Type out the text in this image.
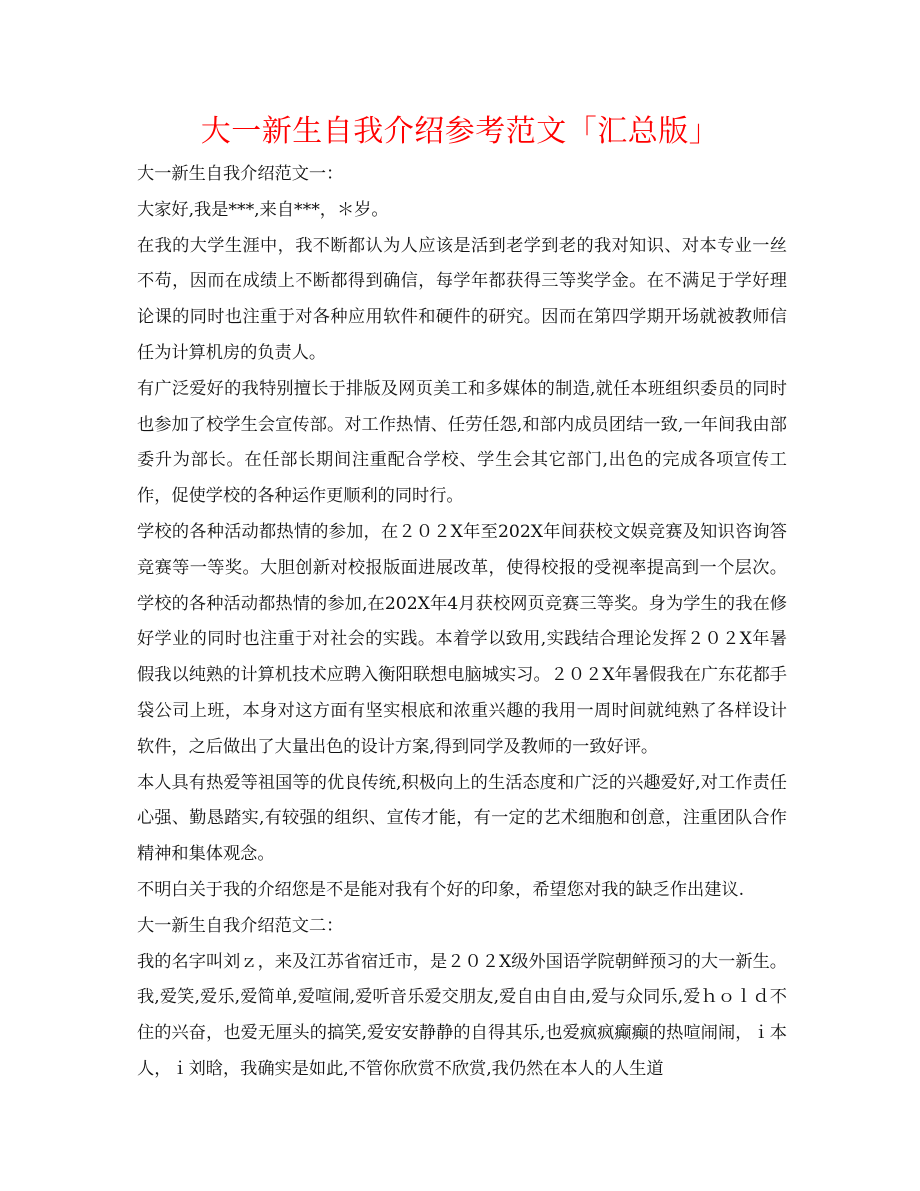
大一新生自我介绍参考范文「汇总版」

大一新生自我介绍范文一：

大家好,我是***,来自***，＊岁。

在我的大学生涯中，我不断都认为人应该是活到老学到老的我对知识、对本专业一丝不苟，因而在成绩上不断都得到确信，每学年都获得三等奖学金。在不满足于学好理论课的同时也注重于对各种应用软件和硬件的研究。因而在第四学期开场就被教师信任为计算机房的负责人。

有广泛爱好的我特别擅长于排版及网页美工和多媒体的制造,就任本班组织委员的同时也参加了校学生会宣传部。对工作热情、任劳任怨,和部内成员团结一致,一年间我由部委升为部长。在任部长期间注重配合学校、学生会其它部门,出色的完成各项宣传工作，促使学校的各种运作更顺利的同时行。

学校的各种活动都热情的参加，在２０２X年至202X年间获校文娱竞赛及知识咨询答竞赛等一等奖。大胆创新对校报版面进展改革，使得校报的受视率提高到一个层次。学校的各种活动都热情的参加,在202X年4月获校网页竞赛三等奖。身为学生的我在修好学业的同时也注重于对社会的实践。本着学以致用,实践结合理论发挥２０２X年暑假我以纯熟的计算机技术应聘入衡阳联想电脑城实习。２０２X年暑假我在广东花都手袋公司上班，本身对这方面有坚实根底和浓重兴趣的我用一周时间就纯熟了各样设计软件，之后做出了大量出色的设计方案,得到同学及教师的一致好评。

本人具有热爱等祖国等的优良传统,积极向上的生活态度和广泛的兴趣爱好,对工作责任心强、勤恳踏实,有较强的组织、宣传才能，有一定的艺术细胞和创意，注重团队合作精神和集体观念。

不明白关于我的介绍您是不是能对我有个好的印象，希望您对我的缺乏作出建议.

大一新生自我介绍范文二：

我的名字叫刘ｚ，来及江苏省宿迁市，是２０２X级外国语学院朝鲜预习的大一新生。我,爱笑,爱乐,爱简单,爱喧闹,爱听音乐爱交朋友,爱自由自由,爱与众同乐,爱ｈｏｌｄ不住的兴奋，也爱无厘头的搞笑,爱安安静静的自得其乐,也爱疯疯癫癫的热喧闹闹，ｉ本人，ｉ刘晗，我确实是如此,不管你欣赏不欣赏,我仍然在本人的人生道
